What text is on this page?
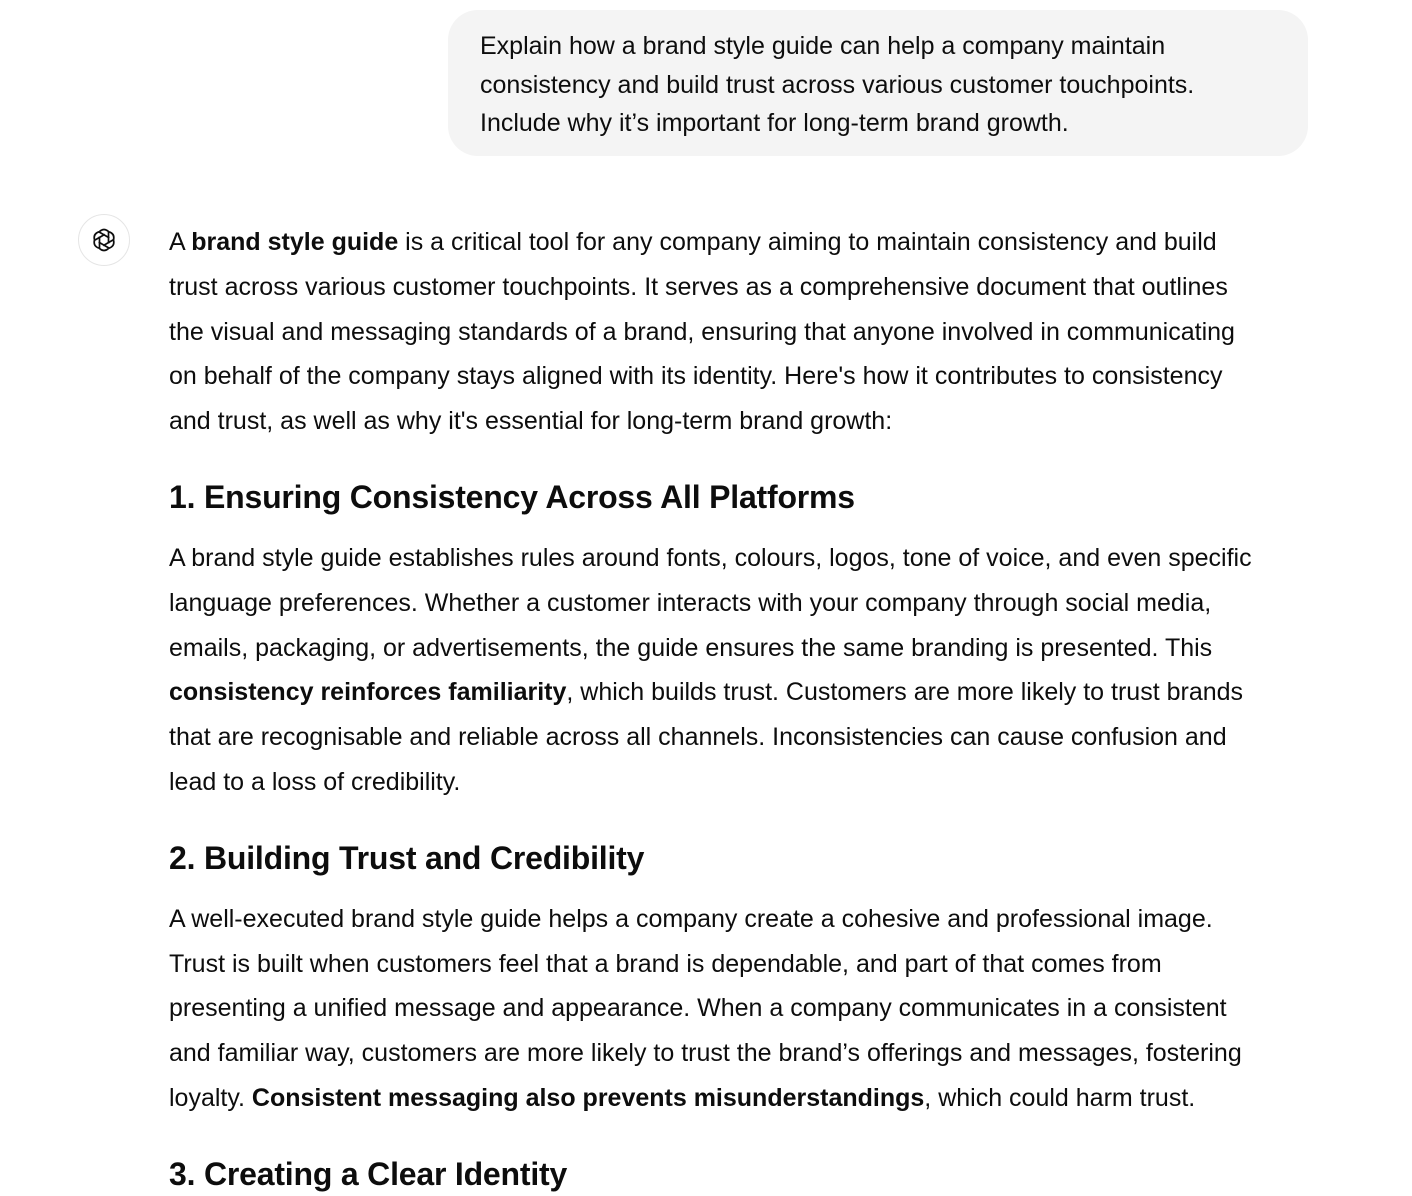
Explain how a brand style guide can help a company maintain

consistency and build trust across various customer touchpoints.

Include why it’s important for long-term brand growth.

A brand style guide is a critical tool for any company aiming to maintain consistency and build
trust across various customer touchpoints. It serves as a comprehensive document that outlines
the visual and messaging standards of a brand, ensuring that anyone involved in communicating
on behalf of the company stays aligned with its identity. Here's how it contributes to consistency
and trust, as well as why it's essential for long-term brand growth:

1. Ensuring Consistency Across All Platforms

A brand style guide establishes rules around fonts, colours, logos, tone of voice, and even specific
language preferences. Whether a customer interacts with your company through social media,
emails, packaging, or advertisements, the guide ensures the same branding is presented. This
consistency reinforces familiarity, which builds trust. Customers are more likely to trust brands
that are recognisable and reliable across all channels. Inconsistencies can cause confusion and
lead to a loss of credibility.

2. Building Trust and Credibility

A well-executed brand style guide helps a company create a cohesive and professional image.
Trust is built when customers feel that a brand is dependable, and part of that comes from
presenting a unified message and appearance. When a company communicates in a consistent
and familiar way, customers are more likely to trust the brand’s offerings and messages, fostering
loyalty. Consistent messaging also prevents misunderstandings, which could harm trust.

3. Creating a Clear Identity
